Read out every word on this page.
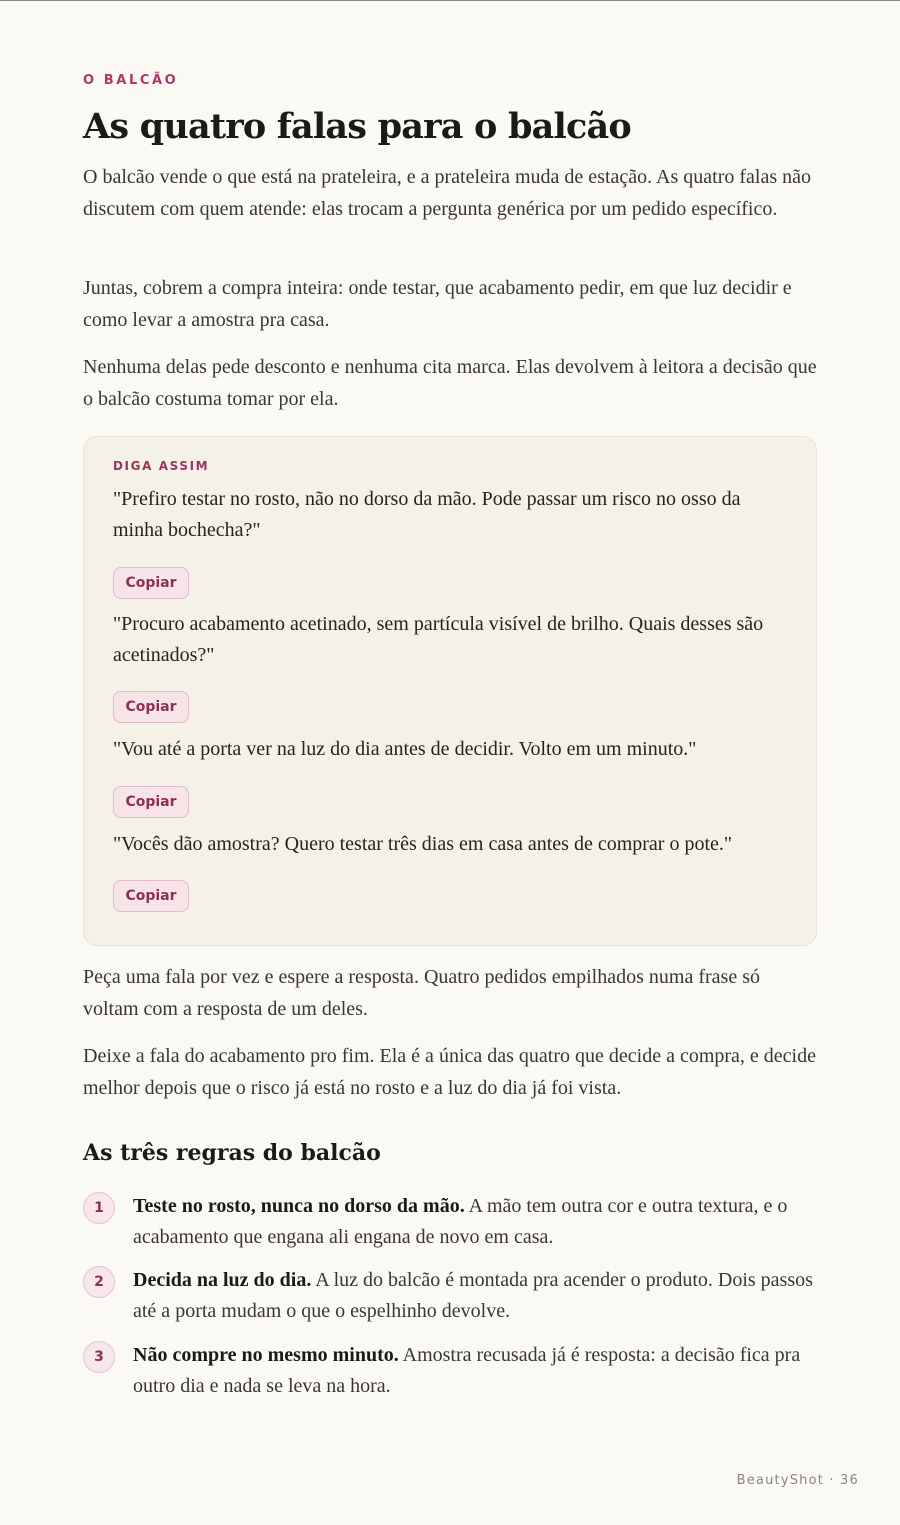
O BALCÃO
As quatro falas para o balcão

O balcão vende o que está na prateleira, e a prateleira muda de estação. As quatro falas não discutem com quem atende: elas trocam a pergunta genérica por um pedido específico.

Juntas, cobrem a compra inteira: onde testar, que acabamento pedir, em que luz decidir e como levar a amostra pra casa.

Nenhuma delas pede desconto e nenhuma cita marca. Elas devolvem à leitora a decisão que o balcão costuma tomar por ela.

DIGA ASSIM

"Prefiro testar no rosto, não no dorso da mão. Pode passar um risco no osso da minha bochecha?"

Copiar

"Procuro acabamento acetinado, sem partícula visível de brilho. Quais desses são acetinados?"

Copiar

"Vou até a porta ver na luz do dia antes de decidir. Volto em um minuto."

Copiar

"Vocês dão amostra? Quero testar três dias em casa antes de comprar o pote."

Copiar

Peça uma fala por vez e espere a resposta. Quatro pedidos empilhados numa frase só voltam com a resposta de um deles.

Deixe a fala do acabamento pro fim. Ela é a única das quatro que decide a compra, e decide melhor depois que o risco já está no rosto e a luz do dia já foi vista.

As três regras do balcão
1	Teste no rosto, nunca no dorso da mão. A mão tem outra cor e outra textura, e o acabamento que engana ali engana de novo em casa.

2	Decida na luz do dia. A luz do balcão é montada pra acender o produto. Dois passos até a porta mudam o que o espelhinho devolve.

3	Não compre no mesmo minuto. Amostra recusada já é resposta: a decisão fica pra outro dia e nada se leva na hora.

BeautyShot · 36
